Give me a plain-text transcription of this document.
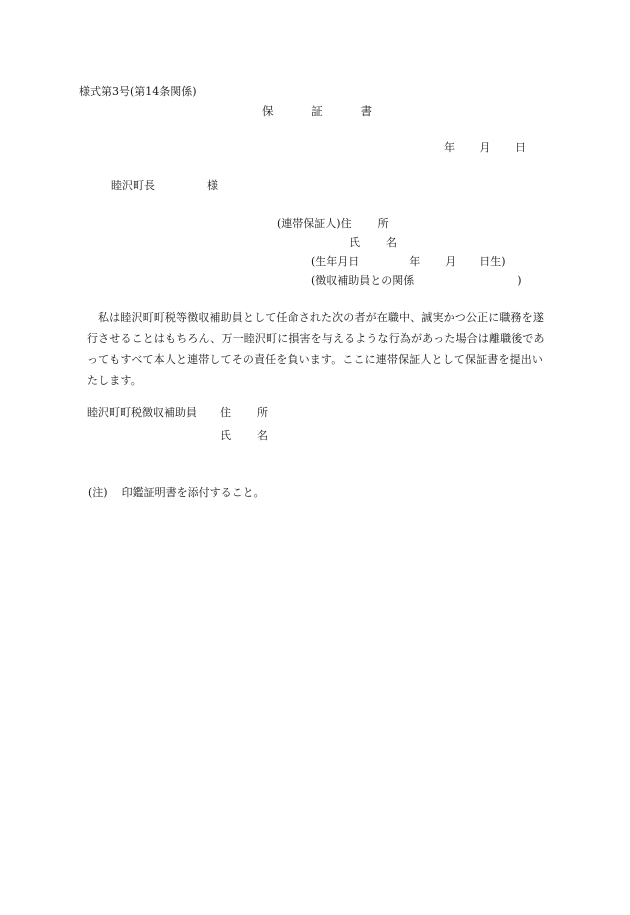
様式第3号(第14条関係)
保	証	書
年 月 日
睦沢町長	様
(連帯保証人) 住 所
氏 名
(生年月日	年 月 日生)
(徴収補助員との関係	)
私は睦沢町町税等徴収補助員として任命された次の者が在職中、誠実かつ公正に職務を遂行させることはもちろん、万一睦沢町に損害を与えるような行為があった場合は離職後であってもすべて本人と連帯してその責任を負います。ここに連帯保証人として保証書を提出いたします。
睦沢町町税徴収補助員 住 所
氏 名
(注) 印鑑証明書を添付すること。
